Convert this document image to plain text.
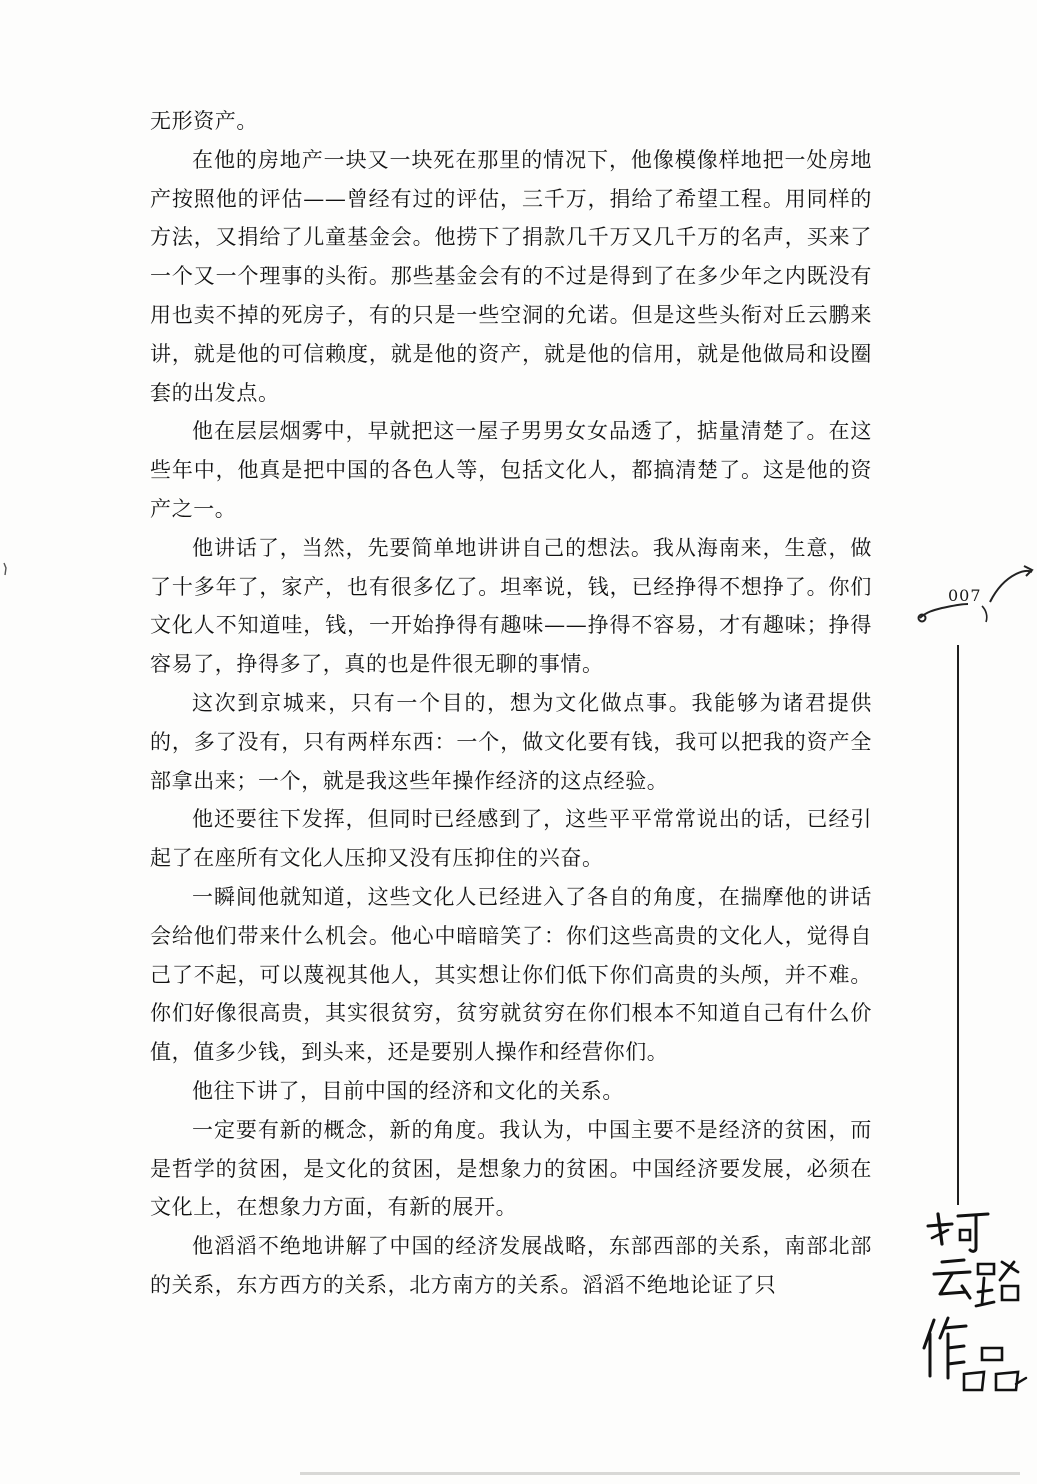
无形资产。

在他的房地产一块又一块死在那里的情况下，他像模像样地把一处房地产按照他的评估——曾经有过的评估，三千万，捐给了希望工程。用同样的方法，又捐给了儿童基金会。他捞下了捐款几千万又几千万的名声，买来了一个又一个理事的头衔。那些基金会有的不过是得到了在多少年之内既没有用也卖不掉的死房子，有的只是一些空洞的允诺。但是这些头衔对丘云鹏来讲，就是他的可信赖度，就是他的资产，就是他的信用，就是他做局和设圈套的出发点。

他在层层烟雾中，早就把这一屋子男男女女品透了，掂量清楚了。在这些年中，他真是把中国的各色人等，包括文化人，都搞清楚了。这是他的资产之一。

他讲话了，当然，先要简单地讲讲自己的想法。我从海南来，生意，做了十多年了，家产，也有很多亿了。坦率说，钱，已经挣得不想挣了。你们文化人不知道哇，钱，一开始挣得有趣味——挣得不容易，才有趣味；挣得容易了，挣得多了，真的也是件很无聊的事情。

这次到京城来，只有一个目的，想为文化做点事。我能够为诸君提供的，多了没有，只有两样东西：一个，做文化要有钱，我可以把我的资产全部拿出来；一个，就是我这些年操作经济的这点经验。

他还要往下发挥，但同时已经感到了，这些平平常常说出的话，已经引起了在座所有文化人压抑又没有压抑住的兴奋。

一瞬间他就知道，这些文化人已经进入了各自的角度，在揣摩他的讲话会给他们带来什么机会。他心中暗暗笑了：你们这些高贵的文化人，觉得自己了不起，可以蔑视其他人，其实想让你们低下你们高贵的头颅，并不难。你们好像很高贵，其实很贫穷，贫穷就贫穷在你们根本不知道自己有什么价值，值多少钱，到头来，还是要别人操作和经营你们。

他往下讲了，目前中国的经济和文化的关系。

一定要有新的概念，新的角度。我认为，中国主要不是经济的贫困，而是哲学的贫困，是文化的贫困，是想象力的贫困。中国经济要发展，必须在文化上，在想象力方面，有新的展开。

他滔滔不绝地讲解了中国的经济发展战略，东部西部的关系，南部北部的关系，东方西方的关系，北方南方的关系。滔滔不绝地论证了只

007
